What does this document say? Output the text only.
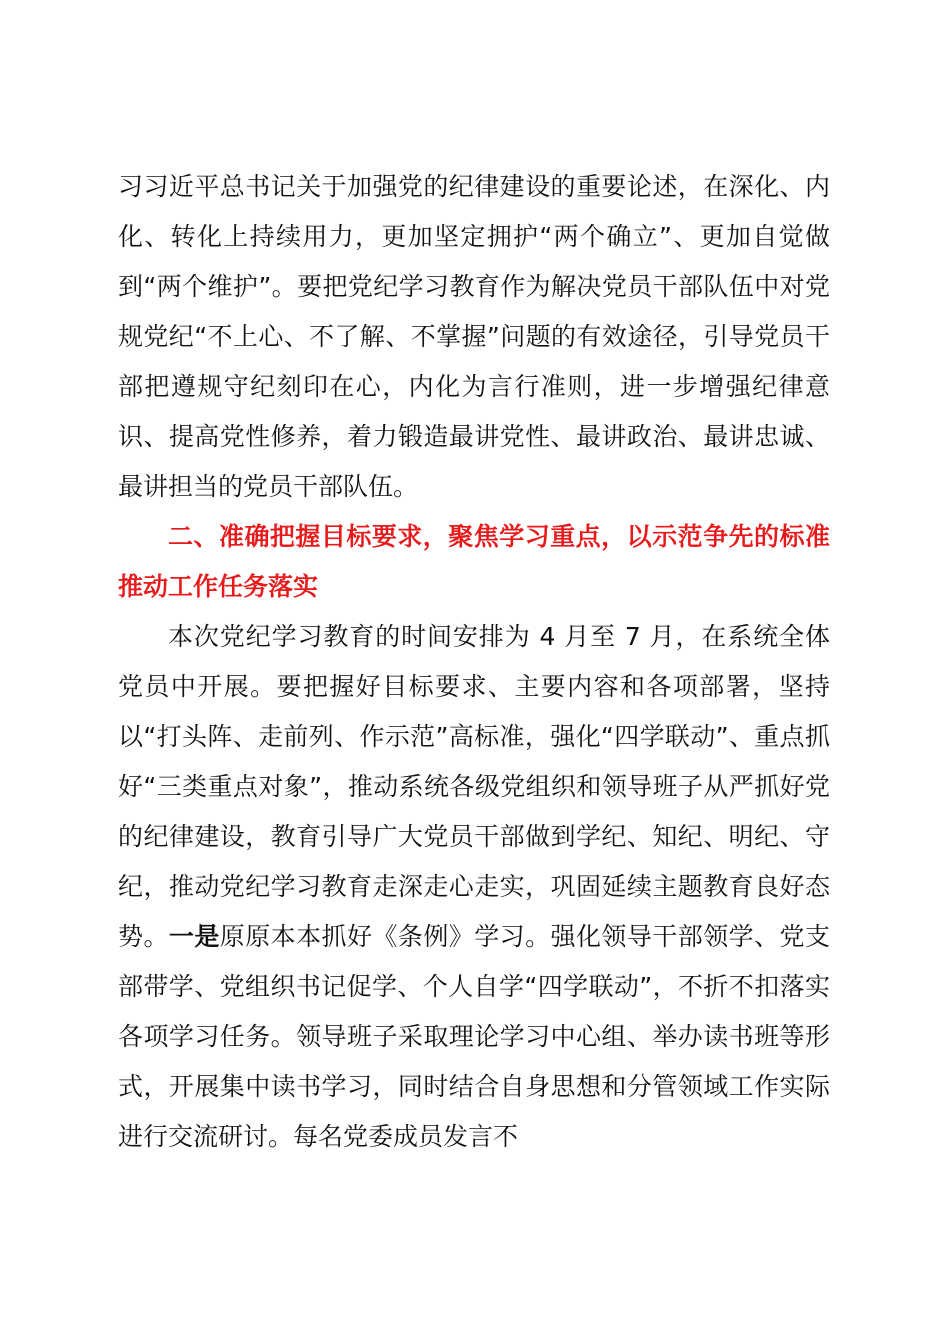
习习近平总书记关于加强党的纪律建设的重要论述，在深化、内化、转化上持续用力，更加坚定拥护“两个确立”、更加自觉做到“两个维护”。要把党纪学习教育作为解决党员干部队伍中对党规党纪“不上心、不了解、不掌握”问题的有效途径，引导党员干部把遵规守纪刻印在心，内化为言行准则，进一步增强纪律意识、提高党性修养，着力锻造最讲党性、最讲政治、最讲忠诚、最讲担当的党员干部队伍。

二、准确把握目标要求，聚焦学习重点，以示范争先的标准推动工作任务落实

本次党纪学习教育的时间安排为 4 月至 7 月，在系统全体党员中开展。要把握好目标要求、主要内容和各项部署，坚持以“打头阵、走前列、作示范”高标准，强化“四学联动”、重点抓好“三类重点对象”，推动系统各级党组织和领导班子从严抓好党的纪律建设，教育引导广大党员干部做到学纪、知纪、明纪、守纪，推动党纪学习教育走深走心走实，巩固延续主题教育良好态势。一是原原本本抓好《条例》学习。强化领导干部领学、党支部带学、党组织书记促学、个人自学“四学联动”，不折不扣落实各项学习任务。领导班子采取理论学习中心组、举办读书班等形式，开展集中读书学习，同时结合自身思想和分管领域工作实际进行交流研讨。每名党委成员发言不
